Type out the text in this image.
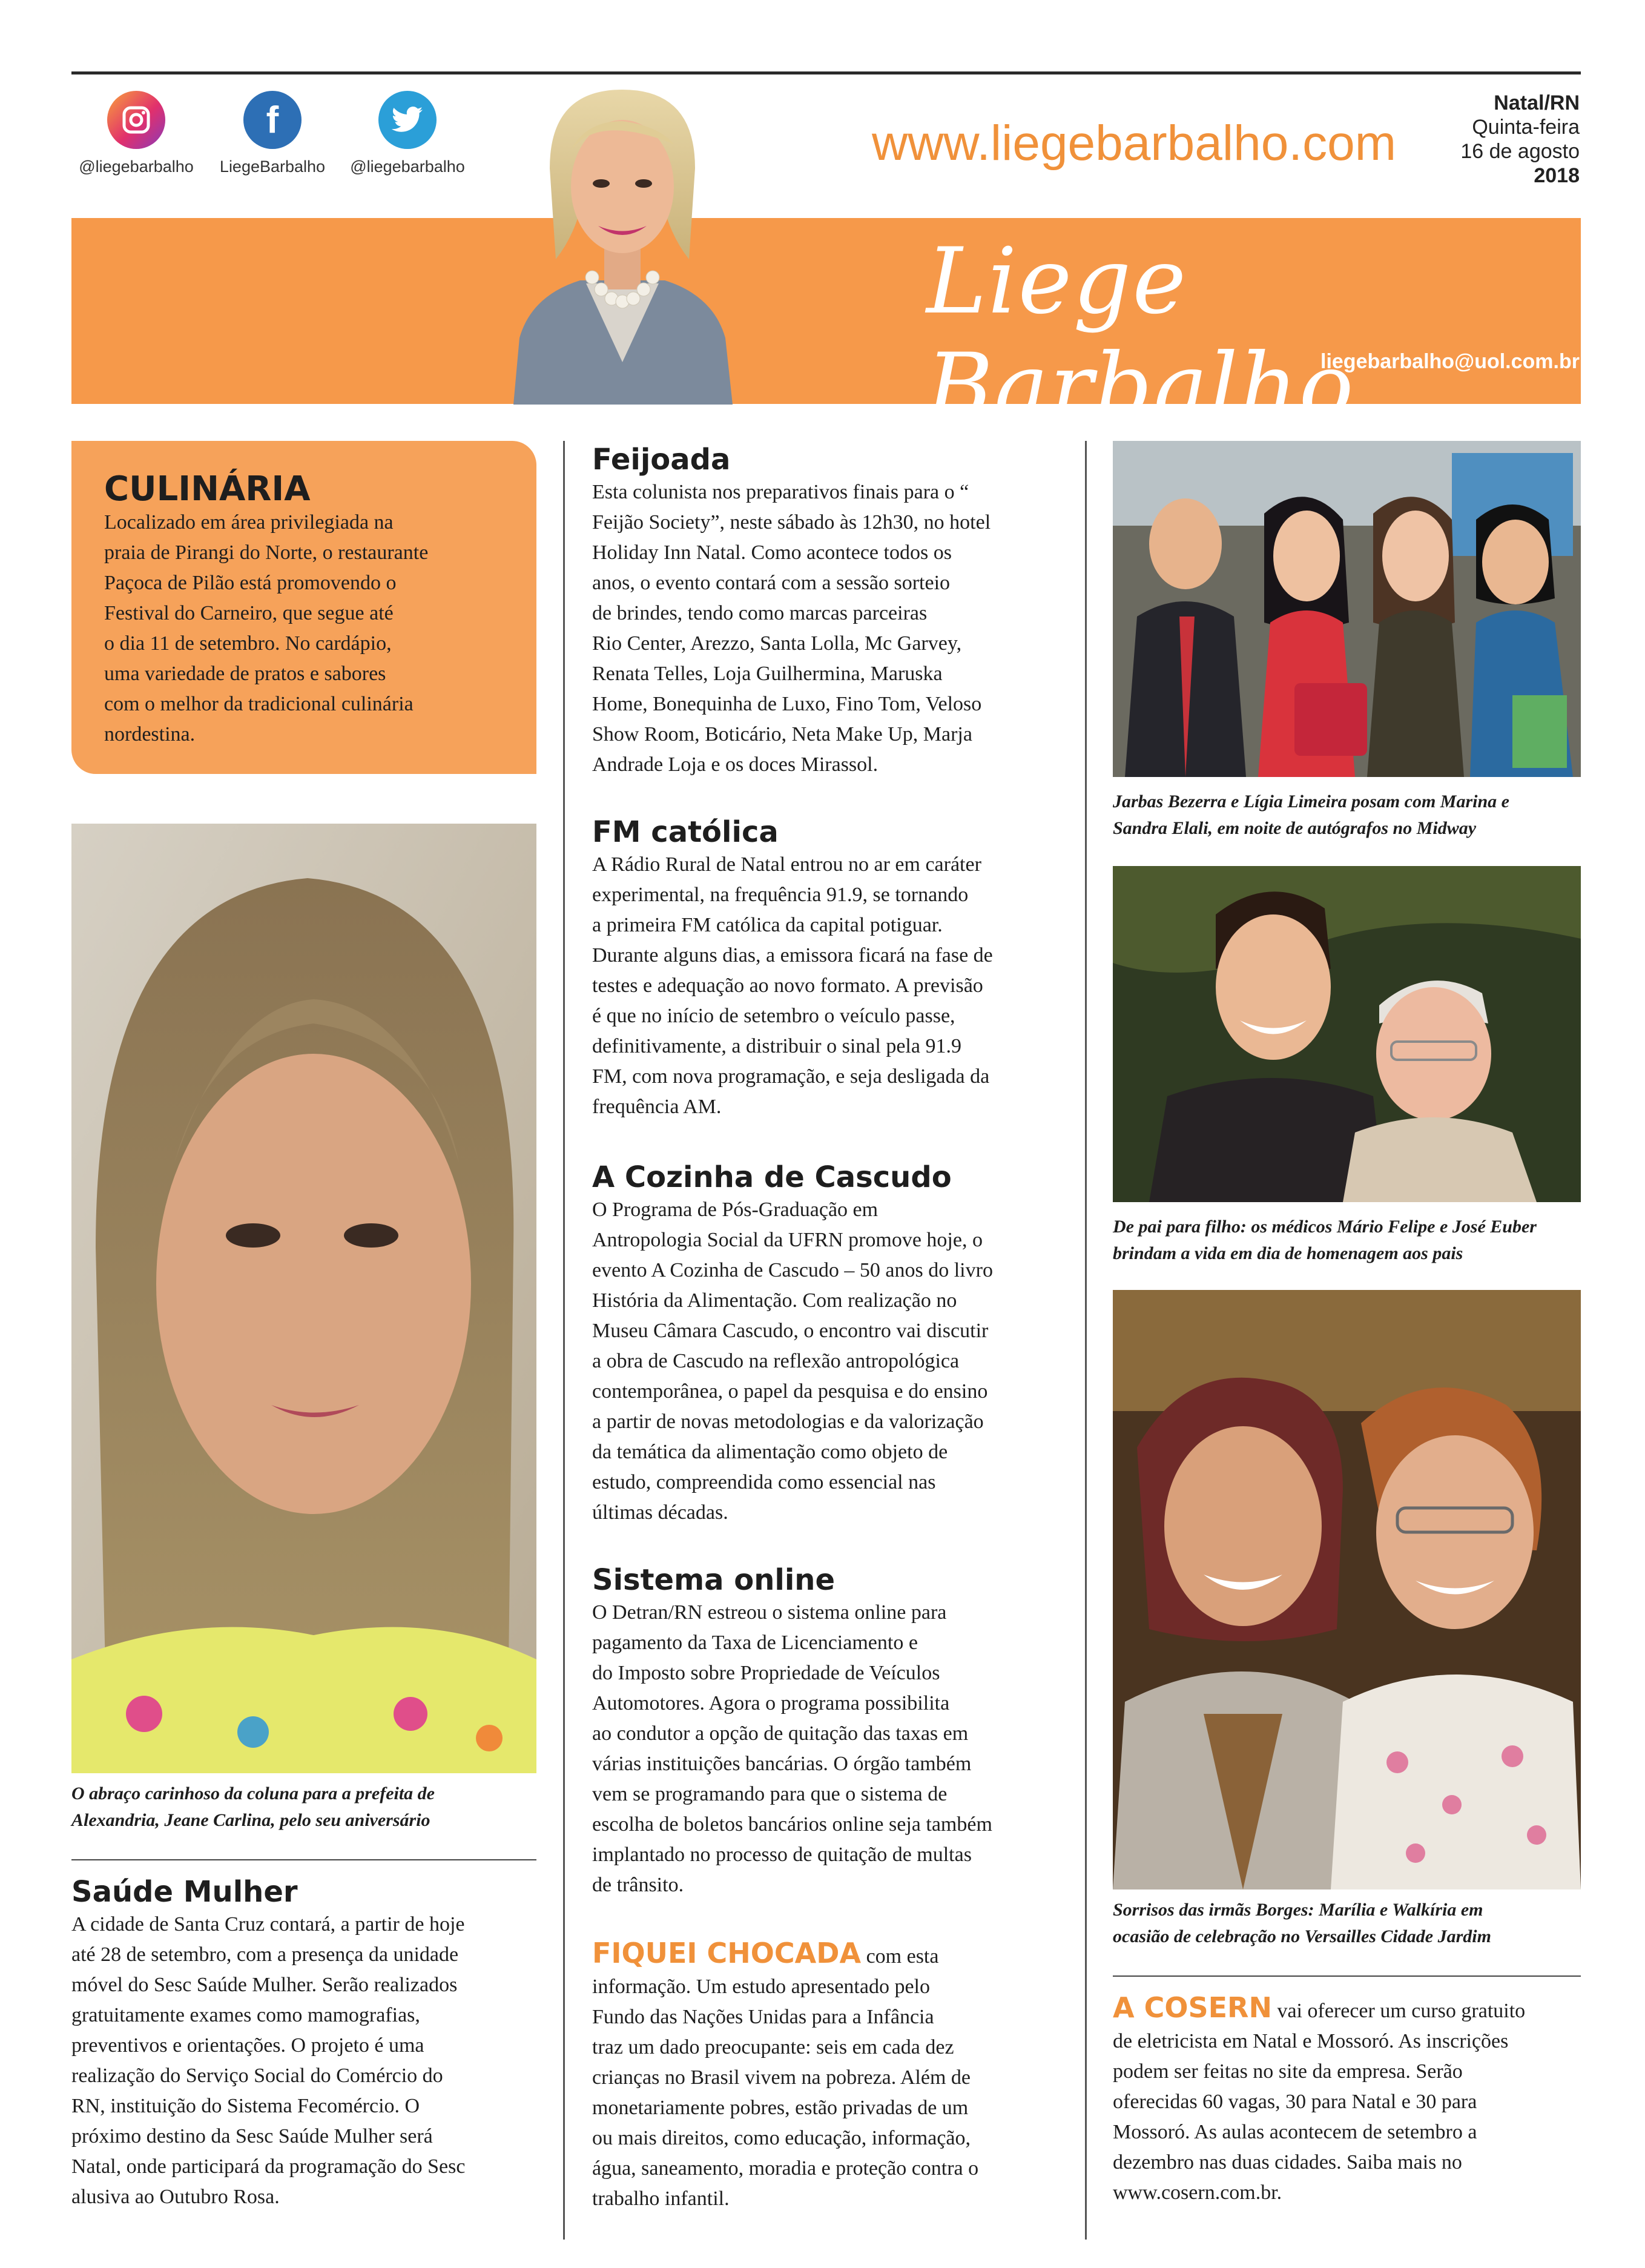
@liegebarbalho
f
LiegeBarbalho	@liegebarbalho	www.liegebarbalho.com
Natal/RN
Quinta-feira
16 de agosto
2018
Liege Barbalho
liegebarbalho@uol.com.br
CULINÁRIA

Localizado em área privilegiada na

praia de Pirangi do Norte, o restaurante

Paçoca de Pilão está promovendo o

Festival do Carneiro, que segue até

o dia 11 de setembro. No cardápio,

uma variedade de pratos e sabores

com o melhor da tradicional culinária

nordestina.

O abraço carinhoso da coluna para a prefeita de

Alexandria, Jeane Carlina, pelo seu aniversário

Saúde Mulher

A cidade de Santa Cruz contará, a partir de hoje

até 28 de setembro, com a presença da unidade

móvel do Sesc Saúde Mulher. Serão realizados

gratuitamente exames como mamografias,

preventivos e orientações. O projeto é uma

realização do Serviço Social do Comércio do

RN, instituição do Sistema Fecomércio. O

próximo destino da Sesc Saúde Mulher será

Natal, onde participará da programação do Sesc

alusiva ao Outubro Rosa.

Feijoada

Esta colunista nos preparativos finais para o “

Feijão Society”, neste sábado às 12h30, no hotel

Holiday Inn Natal. Como acontece todos os

anos, o evento contará com a sessão sorteio

de brindes, tendo como marcas parceiras

Rio Center, Arezzo, Santa Lolla, Mc Garvey,

Renata Telles, Loja Guilhermina, Maruska

Home, Bonequinha de Luxo, Fino Tom, Veloso

Show Room, Boticário, Neta Make Up, Marja

Andrade Loja e os doces Mirassol.

FM católica

A Rádio Rural de Natal entrou no ar em caráter

experimental, na frequência 91.9, se tornando

a primeira FM católica da capital potiguar.

Durante alguns dias, a emissora ficará na fase de

testes e adequação ao novo formato. A previsão

é que no início de setembro o veículo passe,

definitivamente, a distribuir o sinal pela 91.9

FM, com nova programação, e seja desligada da

frequência AM.

A Cozinha de Cascudo

O Programa de Pós-Graduação em

Antropologia Social da UFRN promove hoje, o

evento A Cozinha de Cascudo – 50 anos do livro

História da Alimentação. Com realização no

Museu Câmara Cascudo, o encontro vai discutir

a obra de Cascudo na reflexão antropológica

contemporânea, o papel da pesquisa e do ensino

a partir de novas metodologias e da valorização

da temática da alimentação como objeto de

estudo, compreendida como essencial nas

últimas décadas.

Sistema online

O Detran/RN estreou o sistema online para

pagamento da Taxa de Licenciamento e

do Imposto sobre Propriedade de Veículos

Automotores. Agora o programa possibilita

ao condutor a opção de quitação das taxas em

várias instituições bancárias. O órgão também

vem se programando para que o sistema de

escolha de boletos bancários online seja também

implantado no processo de quitação de multas

de trânsito.

FIQUEI CHOCADA com esta

informação. Um estudo apresentado pelo

Fundo das Nações Unidas para a Infância

traz um dado preocupante: seis em cada dez

crianças no Brasil vivem na pobreza. Além de

monetariamente pobres, estão privadas de um

ou mais direitos, como educação, informação,

água, saneamento, moradia e proteção contra o

trabalho infantil.

Jarbas Bezerra e Lígia Limeira posam com Marina e

Sandra Elali, em noite de autógrafos no Midway

De pai para filho: os médicos Mário Felipe e José Euber

brindam a vida em dia de homenagem aos pais

Sorrisos das irmãs Borges: Marília e Walkíria em

ocasião de celebração no Versailles Cidade Jardim

A COSERN vai oferecer um curso gratuito

de eletricista em Natal e Mossoró. As inscrições

podem ser feitas no site da empresa. Serão

oferecidas 60 vagas, 30 para Natal e 30 para

Mossoró. As aulas acontecem de setembro a

dezembro nas duas cidades. Saiba mais no

www.cosern.com.br.
